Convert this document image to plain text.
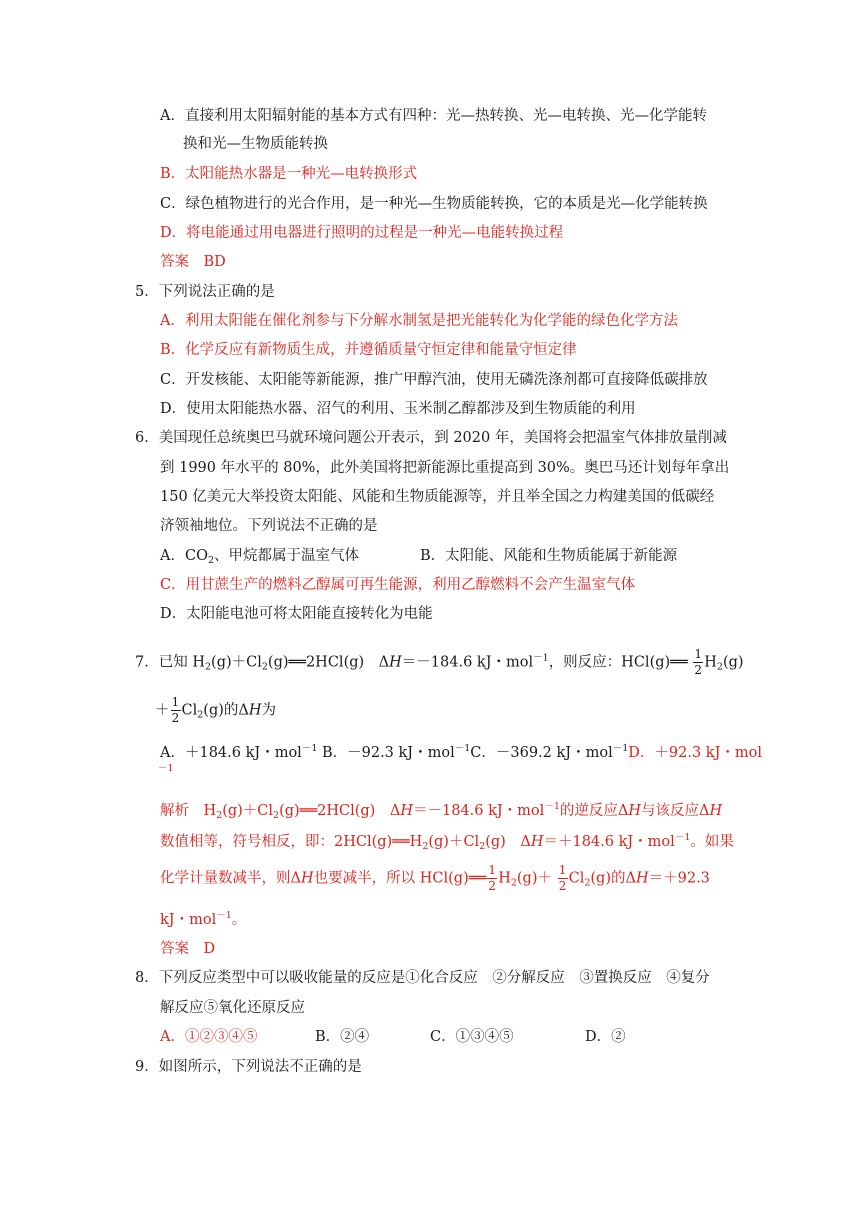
A．直接利用太阳辐射能的基本方式有四种：光—热转换、光—电转换、光—化学能转
换和光—生物质能转换
B．太阳能热水器是一种光—电转换形式
C．绿色植物进行的光合作用，是一种光—生物质能转换，它的本质是光—化学能转换
D．将电能通过用电器进行照明的过程是一种光—电能转换过程
答案　BD
5．下列说法正确的是
A．利用太阳能在催化剂参与下分解水制氢是把光能转化为化学能的绿色化学方法
B．化学反应有新物质生成，并遵循质量守恒定律和能量守恒定律
C．开发核能、太阳能等新能源，推广甲醇汽油，使用无磷洗涤剂都可直接降低碳排放
D．使用太阳能热水器、沼气的利用、玉米制乙醇都涉及到生物质能的利用
6．美国现任总统奥巴马就环境问题公开表示，到 2020 年，美国将会把温室气体排放量削减
到 1990 年水平的 80%，此外美国将把新能源比重提高到 30%。奥巴马还计划每年拿出
150 亿美元大举投资太阳能、风能和生物质能源等，并且举全国之力构建美国的低碳经
济领袖地位。下列说法不正确的是
A．$CO_2$、甲烷都属于温室气体	B．太阳能、风能和生物质能属于新能源
C．用甘蔗生产的燃料乙醇属可再生能源，利用乙醇燃料不会产生温室气体
D．太阳能电池可将太阳能直接转化为电能
7．已知 $H_2(g)+Cl_2(g)══2HCl(g)$　ΔH＝－184.6 kJ・mol$^{-1}$，则反应：HCl(g)══ $\frac{1}{2} H_2(g)$
＋ $\frac{1}{2} Cl_2(g)$的ΔH为
A．＋184.6 kJ・mol$^{-1}$ B．－92.3 kJ・mol$^{-1}$C．－369.2 kJ・mol$^{-1}$D．＋92.3 kJ・mol
－1
解析　$H_2(g)+Cl_2(g)══2HCl(g)$　ΔH＝－184.6 kJ・mol$^{-1}$的逆反应ΔH与该反应ΔH
数值相等，符号相反，即：$2HCl(g)══H_2(g)+Cl_2(g)$　ΔH＝＋184.6 kJ・mol$^{-1}$。如果
化学计量数减半，则ΔH也要减半，所以 HCl(g)══ $\frac{1}{2} H_2(g)+ \frac{1}{2} Cl_2(g)$的ΔH＝＋92.3
kJ・mol$^{-1}$。
答案　D
8．下列反应类型中可以吸收能量的反应是①化合反应　②分解反应　③置换反应　④复分
解反应⑤氧化还原反应
A．①②③④⑤	B．②④	C．①③④⑤	D．②
9．如图所示，下列说法不正确的是
